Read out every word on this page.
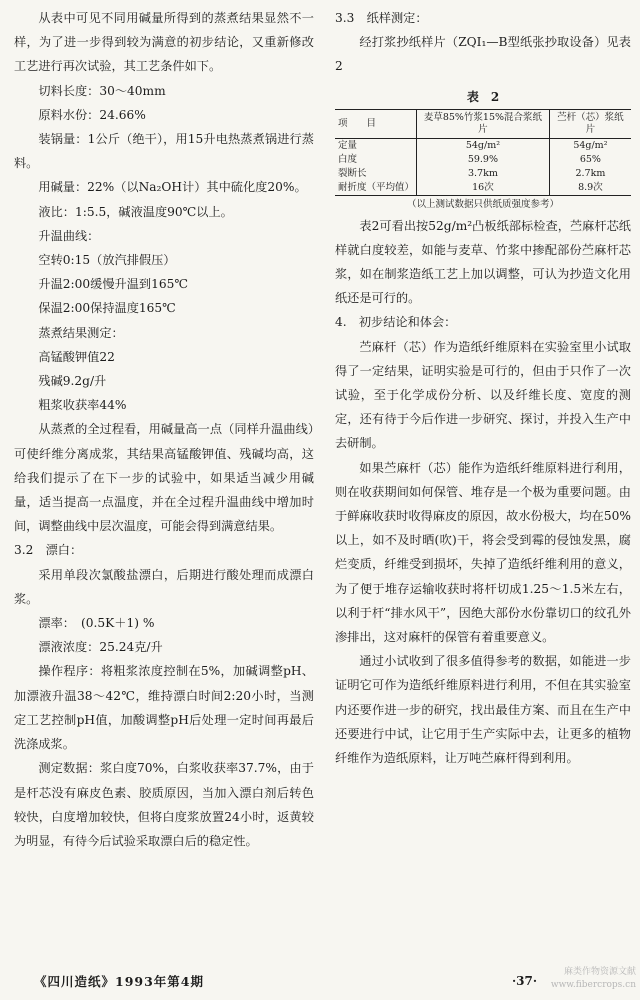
从表中可见不同用碱量所得到的蒸煮结果显然不一样，为了进一步得到较为满意的初步结论，又重新修改工艺进行再次试验，其工艺条件如下。

切料长度：30～40mm

原料水份：24.66%

装锅量：1公斤（绝干），用15升电热蒸煮锅进行蒸料。

用碱量：22%（以Na₂OH计）其中硫化度20%。

液比：1:5.5，碱液温度90℃以上。

升温曲线：

空转0:15（放汽排假压）

升温2:00缓慢升温到165℃

保温2:00保持温度165℃

蒸煮结果测定：

高锰酸钾值22

残碱9.2g/升

粗浆收获率44%

从蒸煮的全过程看，用碱量高一点（同样升温曲线）可使纤维分离成浆，其结果高锰酸钾值、残碱均高，这给我们提示了在下一步的试验中，如果适当减少用碱量，适当提高一点温度，并在全过程升温曲线中增加时间，调整曲线中层次温度，可能会得到满意结果。

3.2　漂白：

采用单段次氯酸盐漂白，后期进行酸处理而成漂白浆。

漂率：　(0.5K＋1) %

漂液浓度：25.24克/升

操作程序：将粗浆浓度控制在5%，加碱调整pH、加漂液升温38～42℃，维持漂白时间2:20小时，当测定工艺控制pH值，加酸调整pH后处理一定时间再最后洗涤成浆。

测定数据：浆白度70%，白浆收获率37.7%，由于是杆芯没有麻皮色素、胶质原因，当加入漂白剂后转色较快，白度增加较快，但将白度浆放置24小时，返黄较为明显，有待今后试验采取漂白后的稳定性。

3.3　纸样测定：

经打浆抄纸样片（ZQI₁—B型纸张抄取设备）见表2

表　2
项　　目	麦草85%竹浆15%混合浆纸片	苎杆（芯）浆纸片
定量	54g/m²	54g/m²
白度	59.9%	65%
裂断长	3.7km	2.7km
耐折度（平均值）	16次	8.9次
（以上测试数据只供纸质强度参考）

表2可看出按52g/m²凸板纸部标检查，苎麻杆芯纸样就白度较差，如能与麦草、竹浆中掺配部份苎麻杆芯浆，如在制浆造纸工艺上加以调整，可认为抄造文化用纸还是可行的。

4.　初步结论和体会：

苎麻杆（芯）作为造纸纤维原料在实验室里小试取得了一定结果，证明实验是可行的，但由于只作了一次试验，至于化学成份分析、以及纤维长度、宽度的测定，还有待于今后作进一步研究、探讨，并投入生产中去研制。

如果苎麻杆（芯）能作为造纸纤维原料进行利用，则在收获期间如何保管、堆存是一个极为重要问题。由于鲜麻收获时收得麻皮的原因，故水份极大，均在50%以上，如不及时晒(吹)干，将会受到霉的侵蚀发黑，腐烂变质，纤维受到损坏，失掉了造纸纤维利用的意义，为了便于堆存运输收获时将杆切成1.25～1.5米左右，以利于杆“排水风干”，因绝大部份水份靠切口的纹孔外渗排出，这对麻杆的保管有着重要意义。

通过小试收到了很多值得参考的数据，如能进一步证明它可作为造纸纤维原料进行利用，不但在其实验室内还要作进一步的研究，找出最佳方案、而且在生产中还要进行中试，让它用于生产实际中去，让更多的植物纤维作为造纸原料，让万吨苎麻杆得到利用。

《四川造纸》1993年第4期	·37·
麻类作物资源文献 www.fibercrops.cn
